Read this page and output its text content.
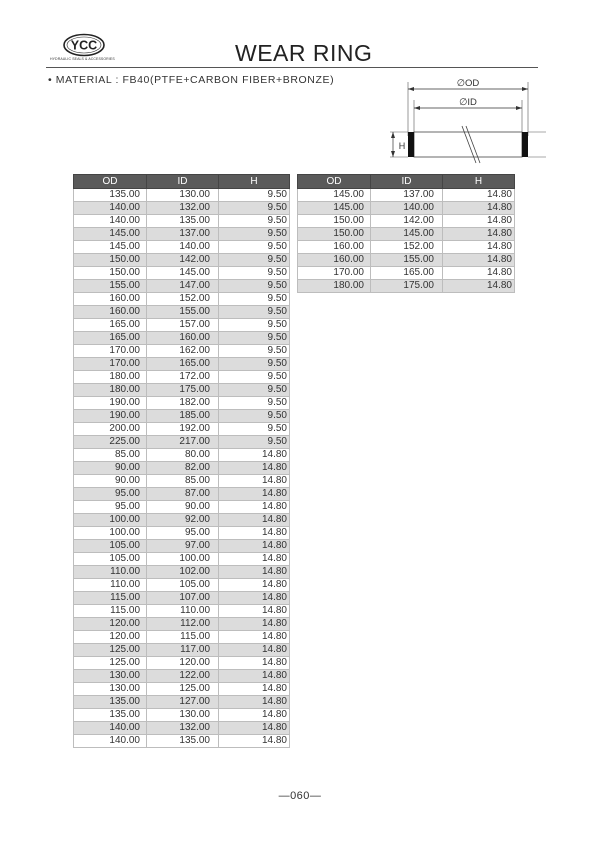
YCC
HYDRAULIC SEALS & ACCESSORIES	WEAR RING
• MATERIAL : FB40(PTFE+CARBON FIBER+BRONZE)	∅OD
∅ID
H
OD	ID	H
135.00	130.00	9.50
140.00	132.00	9.50
140.00	135.00	9.50
145.00	137.00	9.50
145.00	140.00	9.50
150.00	142.00	9.50
150.00	145.00	9.50
155.00	147.00	9.50
160.00	152.00	9.50
160.00	155.00	9.50
165.00	157.00	9.50
165.00	160.00	9.50
170.00	162.00	9.50
170.00	165.00	9.50
180.00	172.00	9.50
180.00	175.00	9.50
190.00	182.00	9.50
190.00	185.00	9.50
200.00	192.00	9.50
225.00	217.00	9.50
85.00	80.00	14.80
90.00	82.00	14.80
90.00	85.00	14.80
95.00	87.00	14.80
95.00	90.00	14.80
100.00	92.00	14.80
100.00	95.00	14.80
105.00	97.00	14.80
105.00	100.00	14.80
110.00	102.00	14.80
110.00	105.00	14.80
115.00	107.00	14.80
115.00	110.00	14.80
120.00	112.00	14.80
120.00	115.00	14.80
125.00	117.00	14.80
125.00	120.00	14.80
130.00	122.00	14.80
130.00	125.00	14.80
135.00	127.00	14.80
135.00	130.00	14.80
140.00	132.00	14.80
140.00	135.00	14.80
OD	ID	H
145.00	137.00	14.80
145.00	140.00	14.80
150.00	142.00	14.80
150.00	145.00	14.80
160.00	152.00	14.80
160.00	155.00	14.80
170.00	165.00	14.80
180.00	175.00	14.80
—060—
